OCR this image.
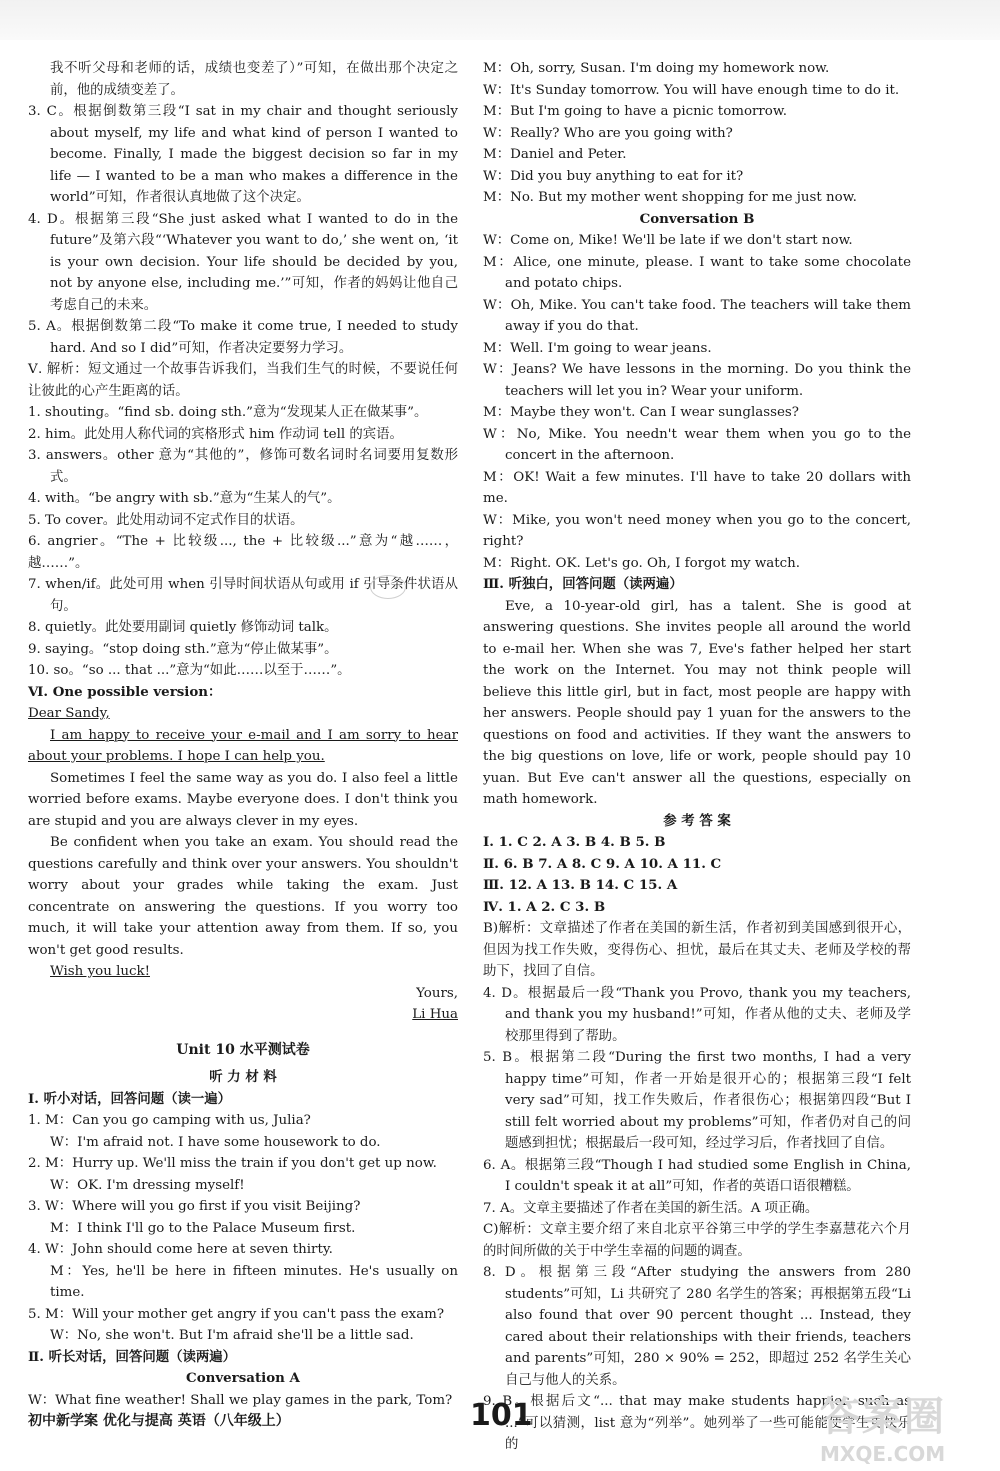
我不听父母和老师的话，成绩也变差了）”可知，在做出那个决定之前，他的成绩变差了。

3. C。根据倒数第三段“I sat in my chair and thought seriously about myself, my life and what kind of person I wanted to become. Finally, I made the biggest decision so far in my life — I wanted to be a man who makes a difference in the world”可知，作者很认真地做了这个决定。

4. D。根据第三段“She just asked what I wanted to do in the future”及第六段“‘Whatever you want to do,’ she went on, ‘it is your own decision. Your life should be decided by you, not by anyone else, including me.’”可知，作者的妈妈让他自己考虑自己的未来。

5. A。根据倒数第二段“To make it come true, I needed to study hard. And so I did”可知，作者决定要努力学习。

Ⅴ. 解析：短文通过一个故事告诉我们，当我们生气的时候，不要说任何让彼此的心产生距离的话。

1. shouting。“find sb. doing sth.”意为“发现某人正在做某事”。

2. him。此处用人称代词的宾格形式 him 作动词 tell 的宾语。

3. answers。other 意为“其他的”，修饰可数名词时名词要用复数形式。

4. with。“be angry with sb.”意为“生某人的气”。

5. To cover。此处用动词不定式作目的状语。

6. angrier。“The + 比较级..., the + 比较级...”意为“越……，越……”。

7. when/if。此处可用 when 引导时间状语从句或用 if 引导条件状语从句。

8. quietly。此处要用副词 quietly 修饰动词 talk。

9. saying。“stop doing sth.”意为“停止做某事”。

10. so。“so ... that ...”意为“如此……以至于……”。

Ⅵ. One possible version：

Dear Sandy,

I am happy to receive your e-mail and I am sorry to hear about your problems. I hope I can help you.

Sometimes I feel the same way as you do. I also feel a little worried before exams. Maybe everyone does. I don't think you are stupid and you are always clever in my eyes.

Be confident when you take an exam. You should read the questions carefully and think over your answers. You shouldn't worry about your grades while taking the exam. Just concentrate on answering the questions. If you worry too much, it will take your attention away from them. If so, you won't get good results.

Wish you luck!

Yours,

Li Hua

Unit 10 水平测试卷

听 力 材 料

Ⅰ. 听小对话，回答问题（读一遍）

1. M：Can you go camping with us, Julia?

W：I'm afraid not. I have some housework to do.

2. M：Hurry up. We'll miss the train if you don't get up now.

W：OK. I'm dressing myself!

3. W：Where will you go first if you visit Beijing?

M：I think I'll go to the Palace Museum first.

4. W：John should come here at seven thirty.

M：Yes, he'll be here in fifteen minutes. He's usually on time.

5. M：Will your mother get angry if you can't pass the exam?

W：No, she won't. But I'm afraid she'll be a little sad.

Ⅱ. 听长对话，回答问题（读两遍）

Conversation A

W：What fine weather! Shall we play games in the park, Tom?

M：Oh, sorry, Susan. I'm doing my homework now.

W：It's Sunday tomorrow. You will have enough time to do it.

M：But I'm going to have a picnic tomorrow.

W：Really? Who are you going with?

M：Daniel and Peter.

W：Did you buy anything to eat for it?

M：No. But my mother went shopping for me just now.

Conversation B

W：Come on, Mike! We'll be late if we don't start now.

M：Alice, one minute, please. I want to take some chocolate and potato chips.

W：Oh, Mike. You can't take food. The teachers will take them away if you do that.

M：Well. I'm going to wear jeans.

W：Jeans? We have lessons in the morning. Do you think the teachers will let you in? Wear your uniform.

M：Maybe they won't. Can I wear sunglasses?

W：No, Mike. You needn't wear them when you go to the concert in the afternoon.

M：OK! Wait a few minutes. I'll have to take 20 dollars with me.

W：Mike, you won't need money when you go to the concert, right?

M：Right. OK. Let's go. Oh, I forgot my watch.

Ⅲ. 听独白，回答问题（读两遍）

Eve, a 10-year-old girl, has a talent. She is good at answering questions. She invites people all around the world to e-mail her. When she was 7, Eve's father helped her start the work on the Internet. You may not think people will believe this little girl, but in fact, most people are happy with her answers. People should pay 1 yuan for the answers to the questions on food and activities. If they want the answers to the big questions on love, life or work, people should pay 10 yuan. But Eve can't answer all the questions, especially on math homework.

参 考 答 案

Ⅰ. 1. C 2. A 3. B 4. B 5. B

Ⅱ. 6. B 7. A 8. C 9. A 10. A 11. C

Ⅲ. 12. A 13. B 14. C 15. A

Ⅳ. 1. A 2. C 3. B

B)解析：文章描述了作者在美国的新生活，作者初到美国感到很开心，但因为找工作失败，变得伤心、担忧，最后在其丈夫、老师及学校的帮助下，找回了自信。

4. D。根据最后一段“Thank you Provo, thank you my teachers, and thank you my husband!”可知，作者从他的丈夫、老师及学校那里得到了帮助。

5. B。根据第二段“During the first two months, I had a very happy time”可知，作者一开始是很开心的；根据第三段“I felt very sad”可知，找工作失败后，作者很伤心；根据第四段“But I still felt worried about my problems”可知，作者仍对自己的问题感到担忧；根据最后一段可知，经过学习后，作者找回了自信。

6. A。根据第三段“Though I had studied some English in China, I couldn't speak it at all”可知，作者的英语口语很糟糕。

7. A。文章主要描述了作者在美国的新生活。A 项正确。

C)解析：文章主要介绍了来自北京平谷第三中学的学生李嘉慧花六个月的时间所做的关于中学生幸福的问题的调查。

8. D。根据第三段“After studying the answers from 280 students”可知，Li 共研究了 280 名学生的答案；再根据第五段“Li also found that over 90 percent thought ... Instead, they cared about their relationships with their friends, teachers and parents”可知，280 × 90% = 252，即超过 252 名学生关心自己与他人的关系。

9. B。根据后文“... that may make students happier, such as ...”可以猜测，list 意为“列举”。她列举了一些可能能使学生更快乐的

初中新学案 优化与提高 英语（八年级上）	101	答案圈
MXQE.COM
